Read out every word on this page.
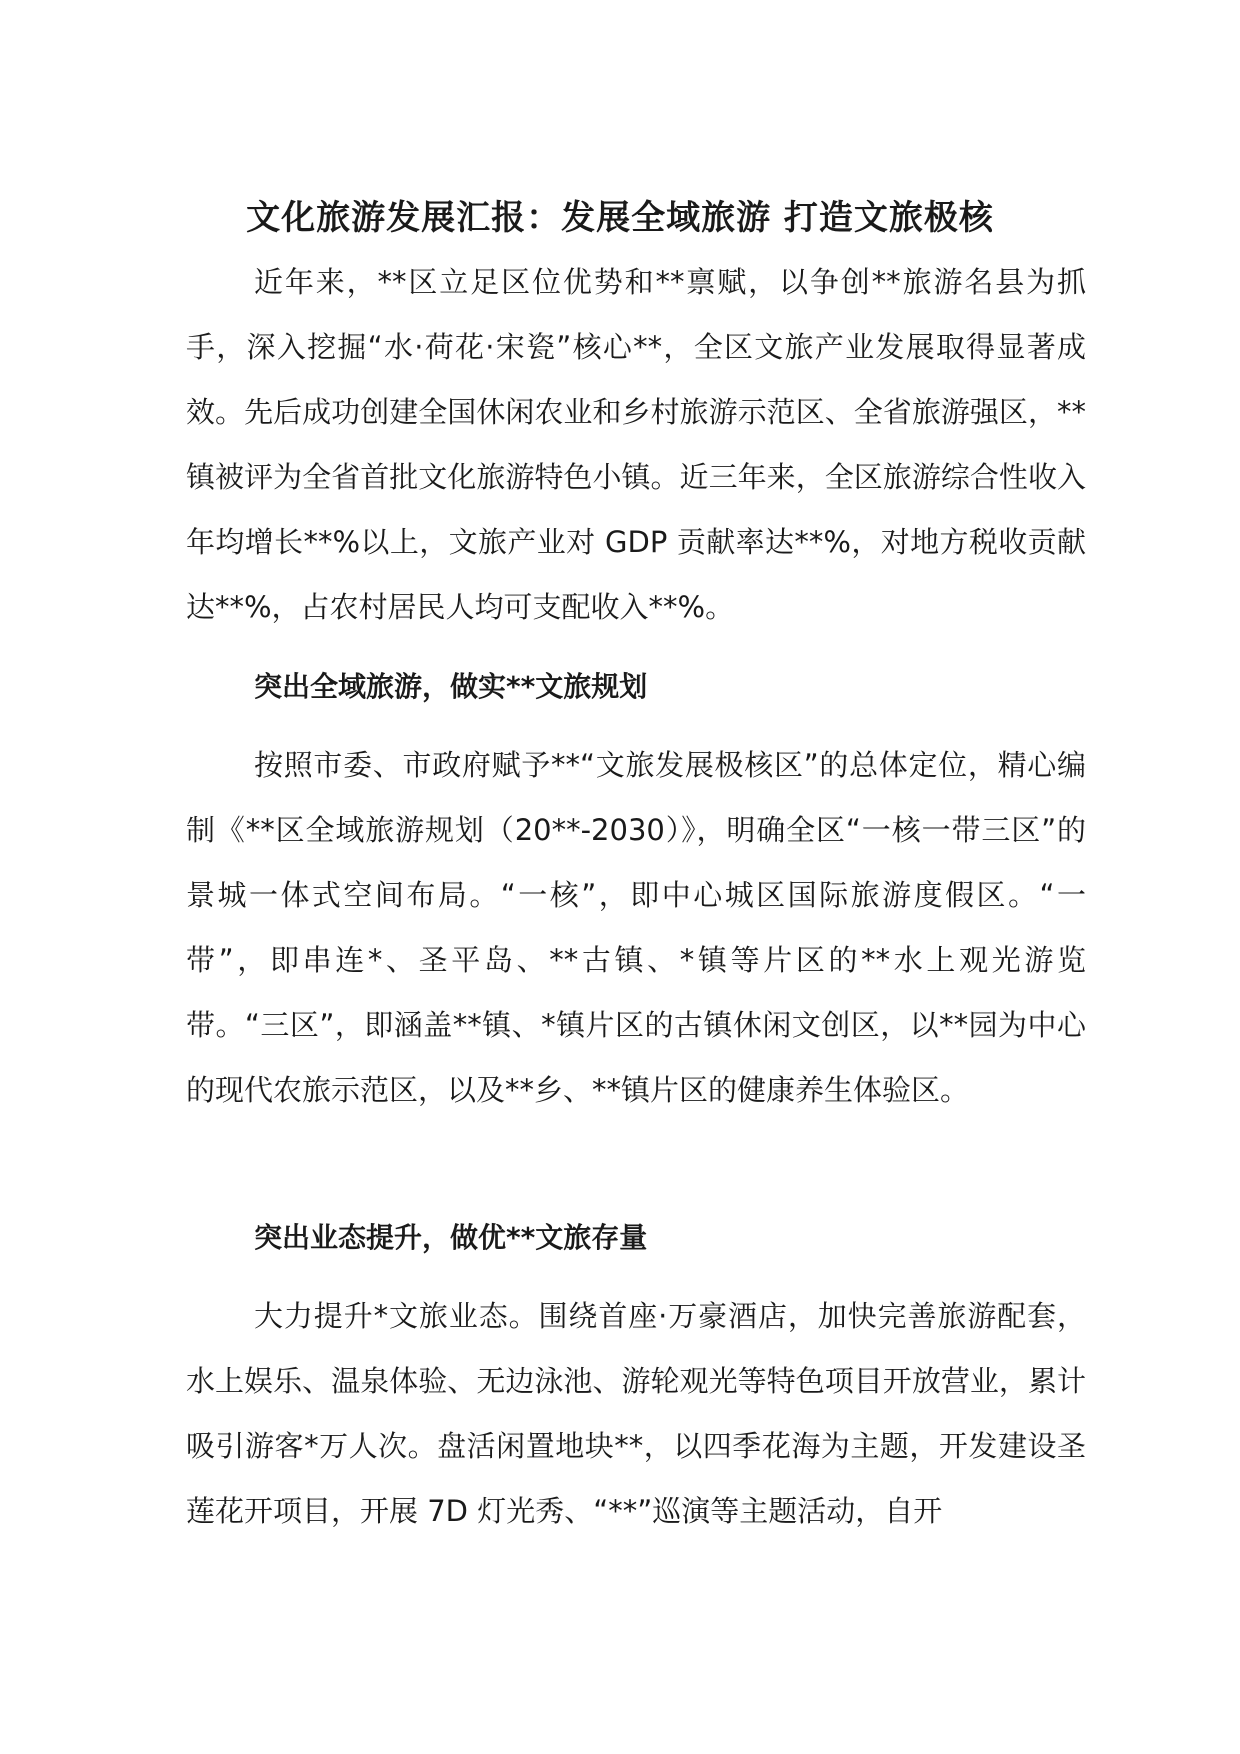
文化旅游发展汇报：发展全域旅游 打造文旅极核

近年来，**区立足区位优势和**禀赋，以争创**旅游名县为抓手，深入挖掘“水·荷花·宋瓷”核心**，全区文旅产业发展取得显著成效。先后成功创建全国休闲农业和乡村旅游示范区、全省旅游强区，**镇被评为全省首批文化旅游特色小镇。近三年来，全区旅游综合性收入年均增长**%以上，文旅产业对 GDP 贡献率达**%，对地方税收贡献达**%，占农村居民人均可支配收入**%。

突出全域旅游，做实**文旅规划

按照市委、市政府赋予**“文旅发展极核区”的总体定位，精心编制《**区全域旅游规划（20**-2030）》，明确全区“一核一带三区”的景城一体式空间布局。“一核”，即中心城区国际旅游度假区。“一带”，即串连*、圣平岛、**古镇、*镇等片区的**水上观光游览带。“三区”，即涵盖**镇、*镇片区的古镇休闲文创区，以**园为中心的现代农旅示范区，以及**乡、**镇片区的健康养生体验区。

突出业态提升，做优**文旅存量

大力提升*文旅业态。围绕首座·万豪酒店，加快完善旅游配套，水上娱乐、温泉体验、无边泳池、游轮观光等特色项目开放营业，累计吸引游客*万人次。盘活闲置地块**，以四季花海为主题，开发建设圣莲花开项目，开展 7D 灯光秀、“**”巡演等主题活动，自开
